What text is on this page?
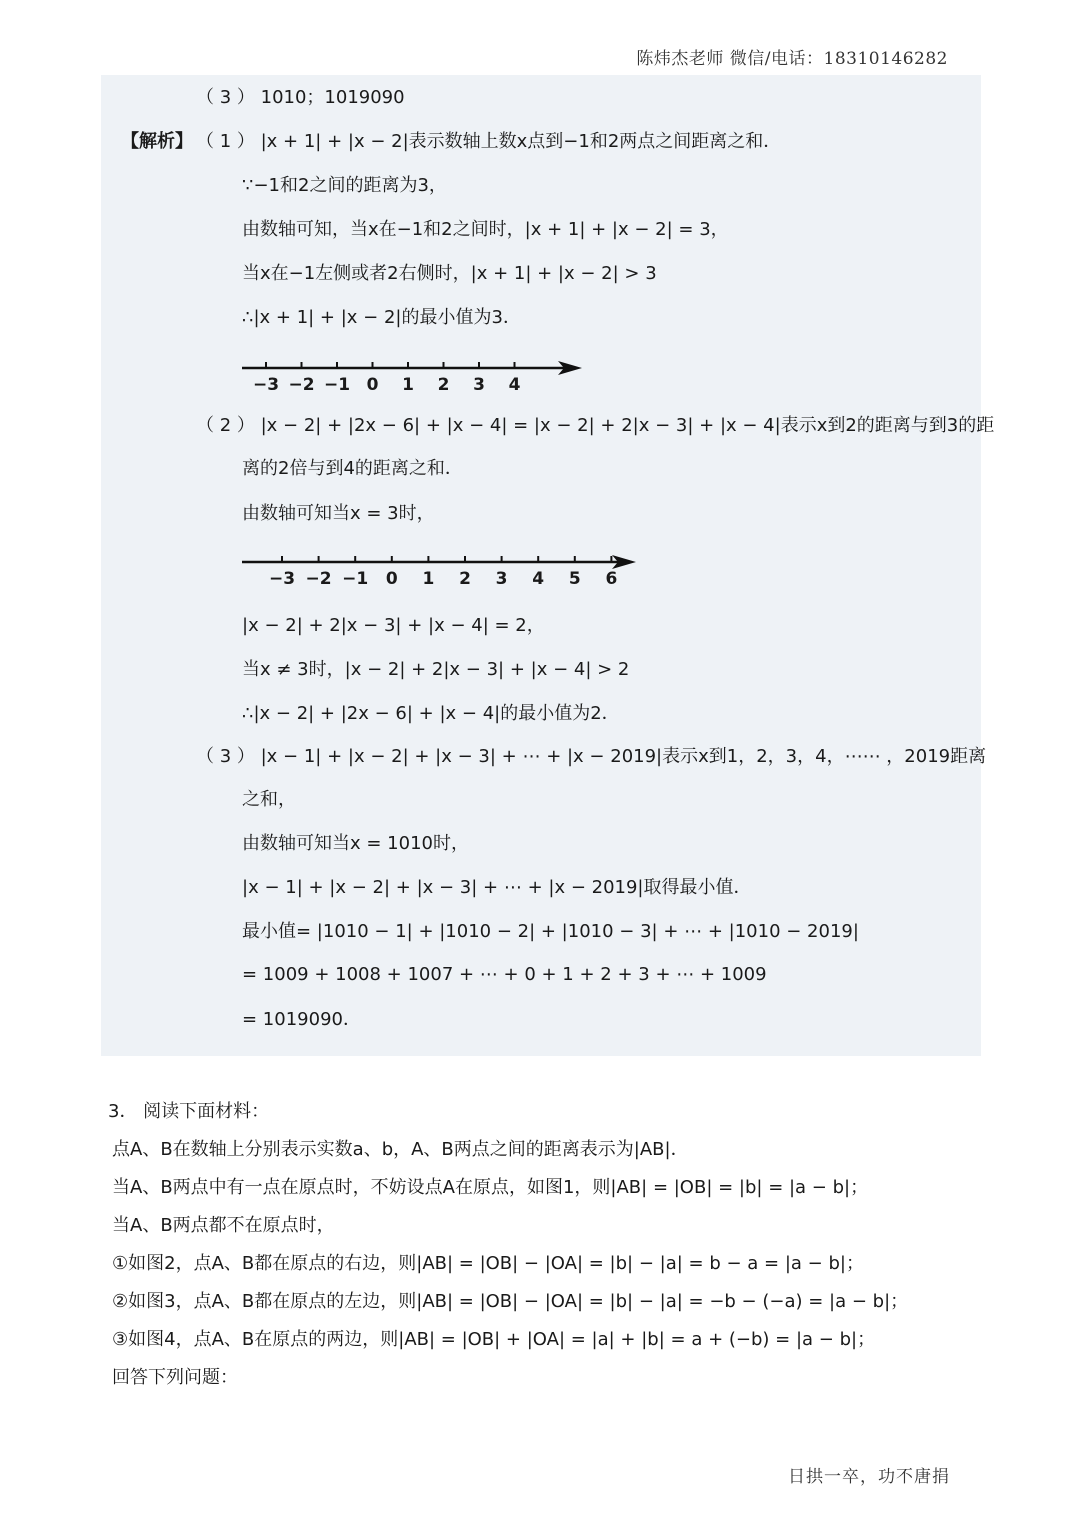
陈炜杰老师 微信/电话：18310146282
（ 3 ） 1010；1019090
【解析】 （ 1 ） |x + 1| + |x − 2|表示数轴上数x点到−1和2两点之间距离之和．
∵−1和2之间的距离为3，
由数轴可知，当x在−1和2之间时，|x + 1| + |x − 2| = 3，
当x在−1左侧或者2右侧时，|x + 1| + |x − 2| > 3
∴|x + 1| + |x − 2|的最小值为3．
−3 −2 −1 0 1 2 3 4
（ 2 ） |x − 2| + |2x − 6| + |x − 4| = |x − 2| + 2|x − 3| + |x − 4|表示x到2的距离与到3的距
离的2倍与到4的距离之和．
由数轴可知当x = 3时，
−3 −2 −1 0 1 2 3 4 5 6
|x − 2| + 2|x − 3| + |x − 4| = 2，
当x ≠ 3时，|x − 2| + 2|x − 3| + |x − 4| > 2
∴|x − 2| + |2x − 6| + |x − 4|的最小值为2．
（ 3 ） |x − 1| + |x − 2| + |x − 3| + ⋯ + |x − 2019|表示x到1，2，3，4，⋯⋯ ，2019距离
之和，
由数轴可知当x = 1010时，
|x − 1| + |x − 2| + |x − 3| + ⋯ + |x − 2019|取得最小值．
最小值= |1010 − 1| + |1010 − 2| + |1010 − 3| + ⋯ + |1010 − 2019|
= 1009 + 1008 + 1007 + ⋯ + 0 + 1 + 2 + 3 + ⋯ + 1009
= 1019090．
3． 阅读下面材料：
点A、B在数轴上分别表示实数a、b，A、B两点之间的距离表示为|AB|．
当A、B两点中有一点在原点时，不妨设点A在原点，如图1，则|AB| = |OB| = |b| = |a − b|；
当A、B两点都不在原点时，
①如图2，点A、B都在原点的右边，则|AB| = |OB| − |OA| = |b| − |a| = b − a = |a − b|；
②如图3，点A、B都在原点的左边，则|AB| = |OB| − |OA| = |b| − |a| = −b − (−a) = |a − b|；
③如图4，点A、B在原点的两边，则|AB| = |OB| + |OA| = |a| + |b| = a + (−b) = |a − b|；
回答下列问题：
日拱一卒，功不唐捐
